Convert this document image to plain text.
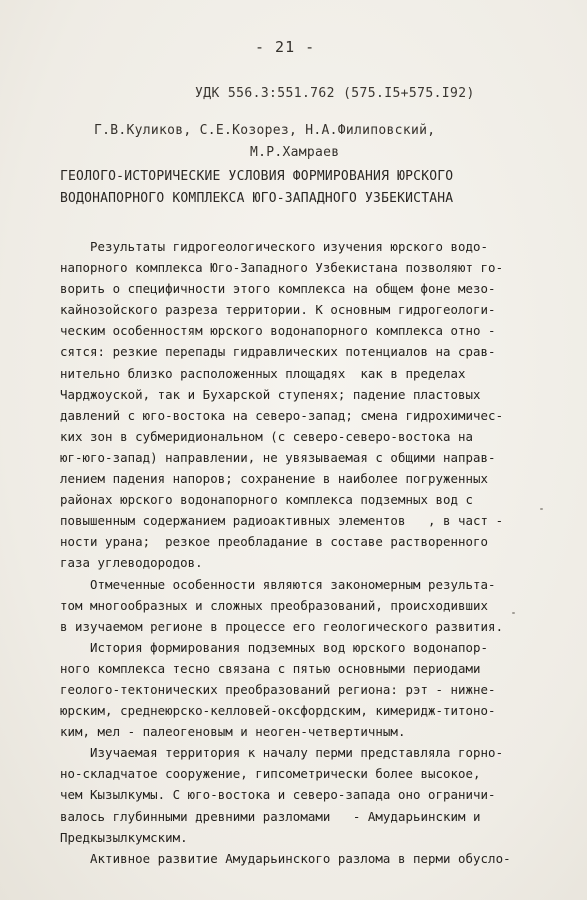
- 21 -
УДК 556.3:551.762 (575.I5+575.I92)
Г.В.Куликов, С.Е.Козорез, Н.А.Филиповский,
М.Р.Хамраев
ГЕОЛОГО-ИСТОРИЧЕСКИЕ УСЛОВИЯ ФОРМИРОВАНИЯ ЮРСКОГО
ВОДОНАПОРНОГО КОМПЛЕКСА ЮГО-ЗАПАДНОГО УЗБЕКИСТАНА
Результаты гидрогеологического изучения юрского водо-
напорного комплекса Юго-Западного Узбекистана позволяют го-
ворить о специфичности этого комплекса на общем фоне мезо-
кайнозойского разреза территории. К основным гидрогеологи-
ческим особенностям юрского водонапорного комплекса отно -
сятся: резкие перепады гидравлических потенциалов на срав-
нительно близко расположенных площадях  как в пределах
Чарджоуской, так и Бухарской ступенях; падение пластовых
давлений с юго-востока на северо-запад; смена гидрохимичес-
ких зон в субмеридиональном (с северо-северо-востока на
юг-юго-запад) направлении, не увязываемая с общими направ-
лением падения напоров; сохранение в наиболее погруженных
районах юрского водонапорного комплекса подземных вод с
повышенным содержанием радиоактивных элементов   , в част -
ности урана;  резкое преобладание в составе растворенного
газа углеводородов.
Отмеченные особенности являются закономерным результа-
том многообразных и сложных преобразований, происходивших
в изучаемом регионе в процессе его геологического развития.
История формирования подземных вод юрского водонапор-
ного комплекса тесно связана с пятью основными периодами
геолого-тектонических преобразований региона: рэт - нижне-
юрским, среднеюрско-келловей-оксфордским, кимеридж-титоно-
ким, мел - палеогеновым и неоген-четвертичным.
Изучаемая территория к началу перми представляла горно-
но-складчатое сооружение, гипсометрически более высокое,
чем Кызылкумы. С юго-востока и северо-запада оно ограничи-
валось глубинными древними разломами   - Амударьинским и
Предкызылкумским.
Активное развитие Амударьинского разлома в перми обусло-
